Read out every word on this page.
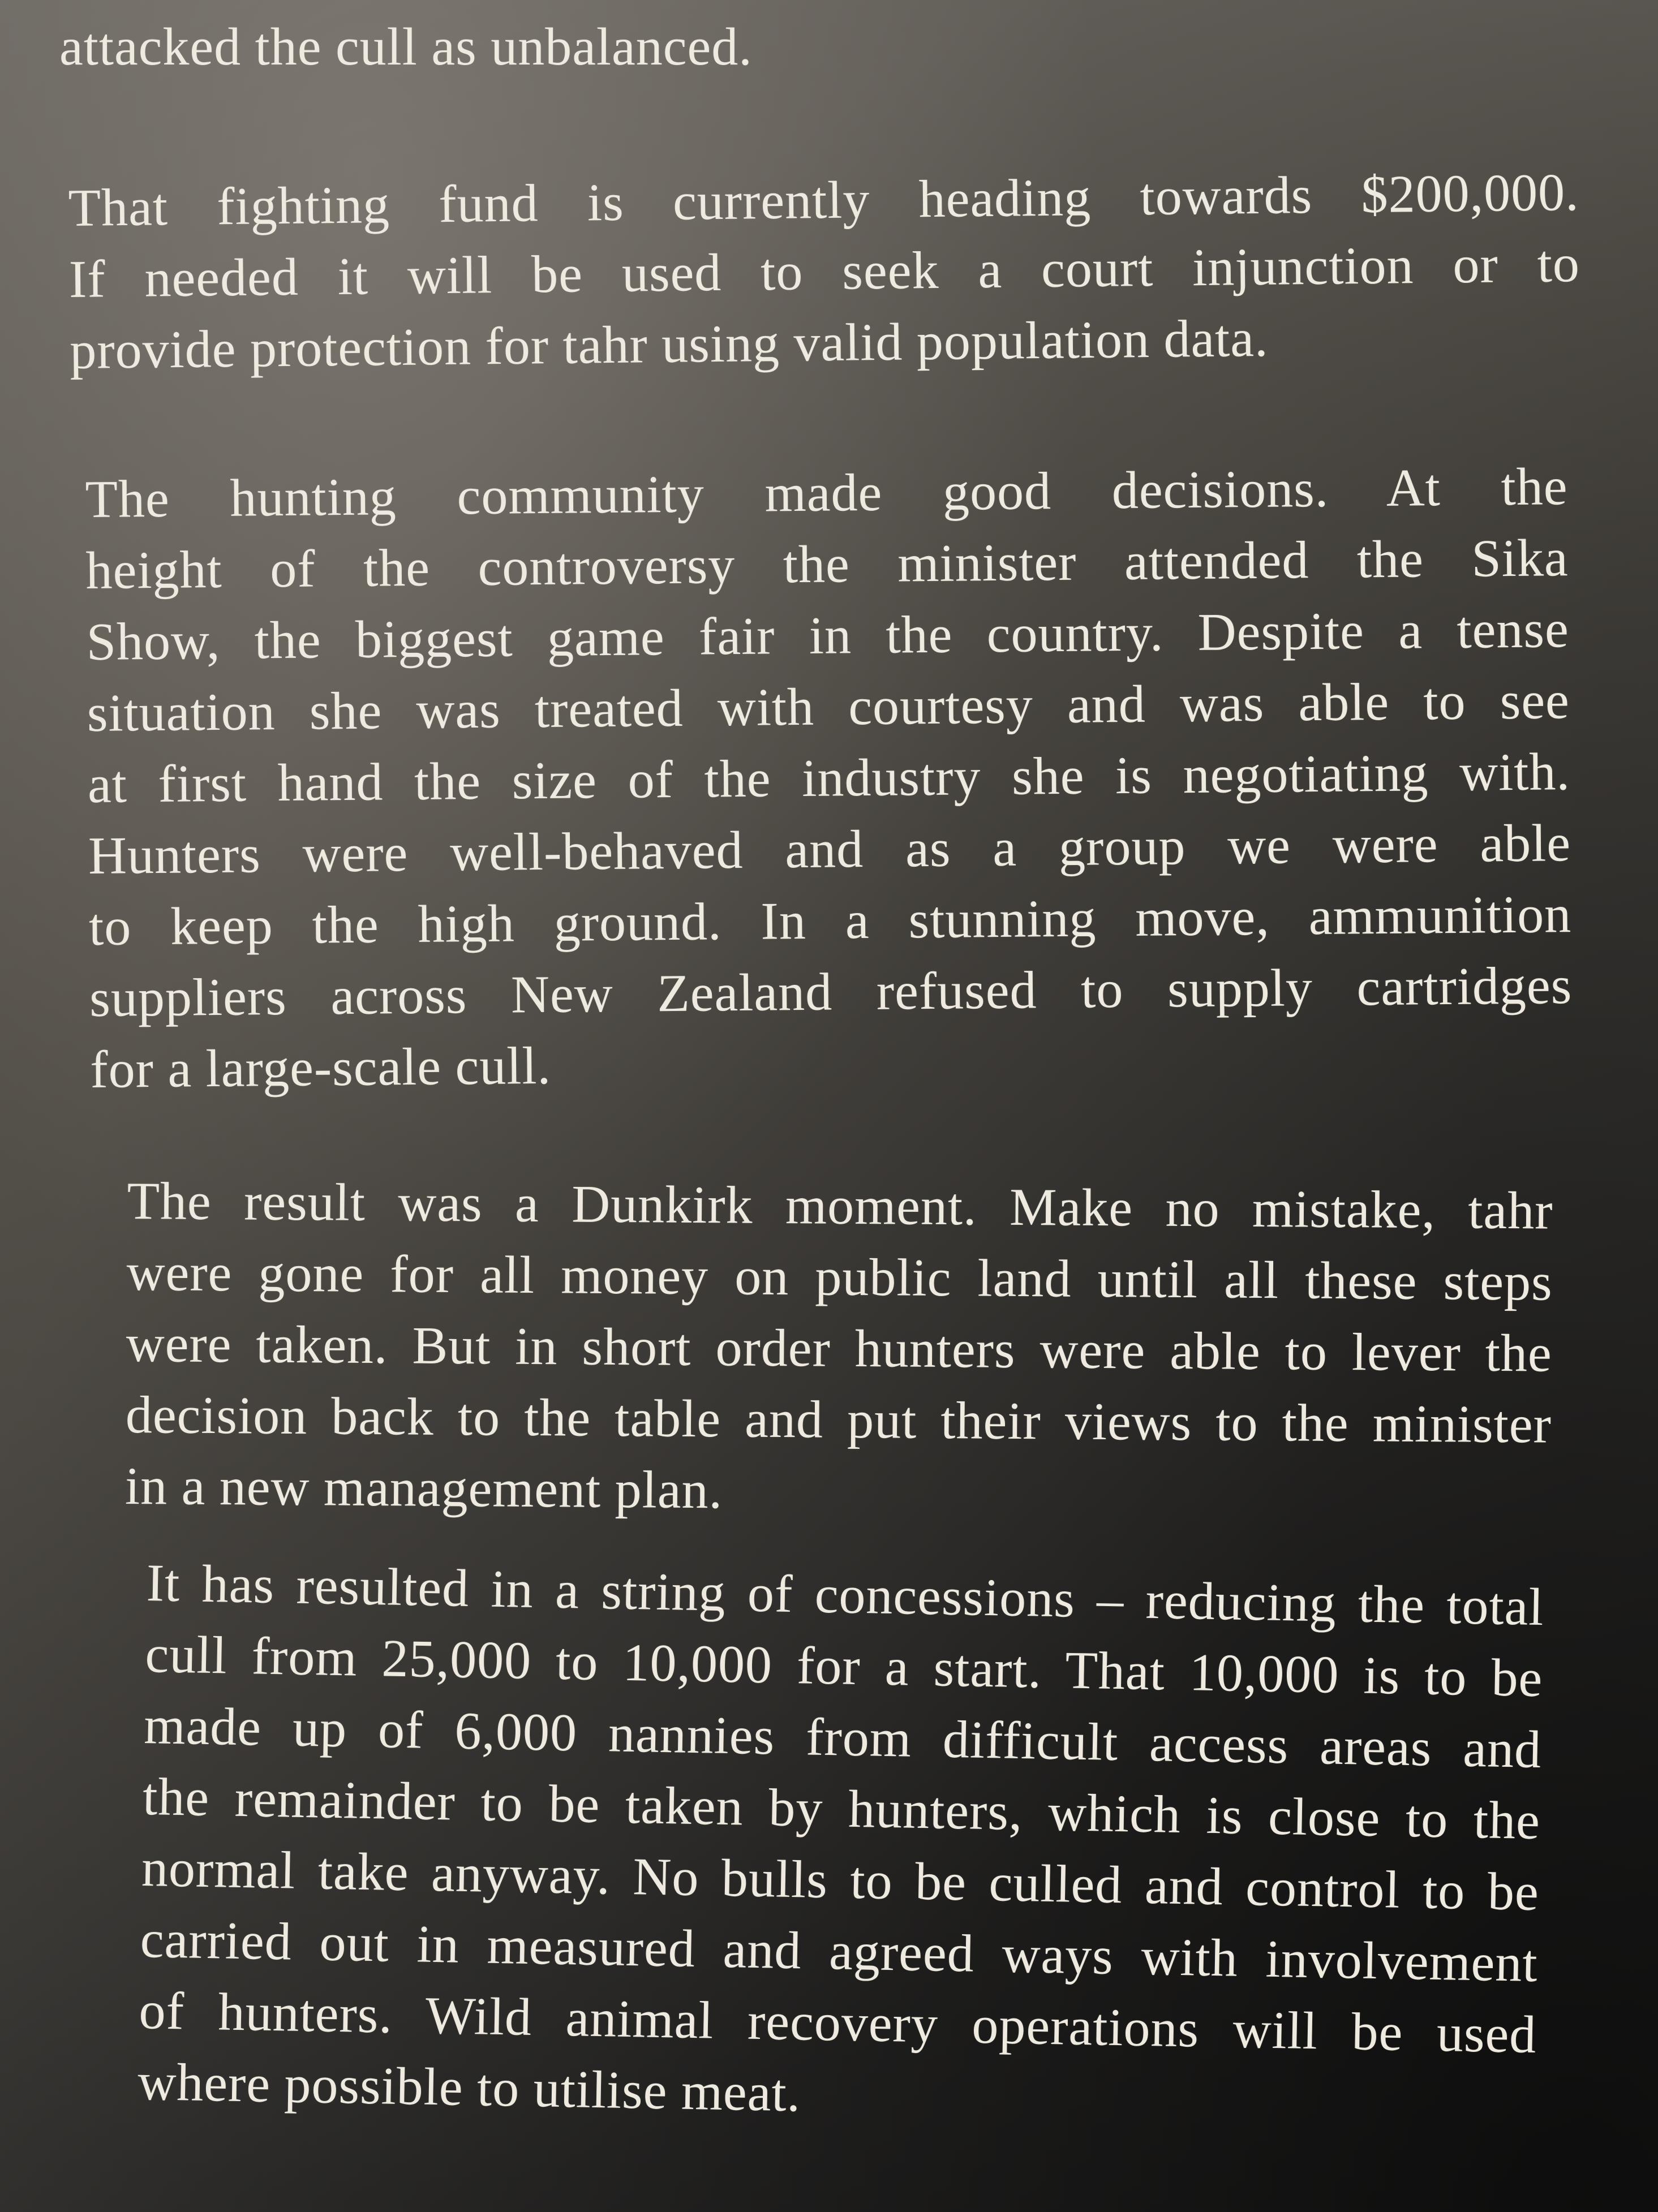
attacked the cull as unbalanced.
That fighting fund is currently heading towards $200,000.
If needed it will be used to seek a court injunction or to
provide protection for tahr using valid population data.
The hunting community made good decisions. At the
height of the controversy the minister attended the Sika
Show, the biggest game fair in the country. Despite a tense
situation she was treated with courtesy and was able to see
at first hand the size of the industry she is negotiating with.
Hunters were well-behaved and as a group we were able
to keep the high ground. In a stunning move, ammunition
suppliers across New Zealand refused to supply cartridges
for a large-scale cull.
The result was a Dunkirk moment. Make no mistake, tahr
were gone for all money on public land until all these steps
were taken. But in short order hunters were able to lever the
decision back to the table and put their views to the minister
in a new management plan.
It has resulted in a string of concessions – reducing the total
cull from 25,000 to 10,000 for a start. That 10,000 is to be
made up of 6,000 nannies from difficult access areas and
the remainder to be taken by hunters, which is close to the
normal take anyway. No bulls to be culled and control to be
carried out in measured and agreed ways with involvement
of hunters. Wild animal recovery operations will be used
where possible to utilise meat.
